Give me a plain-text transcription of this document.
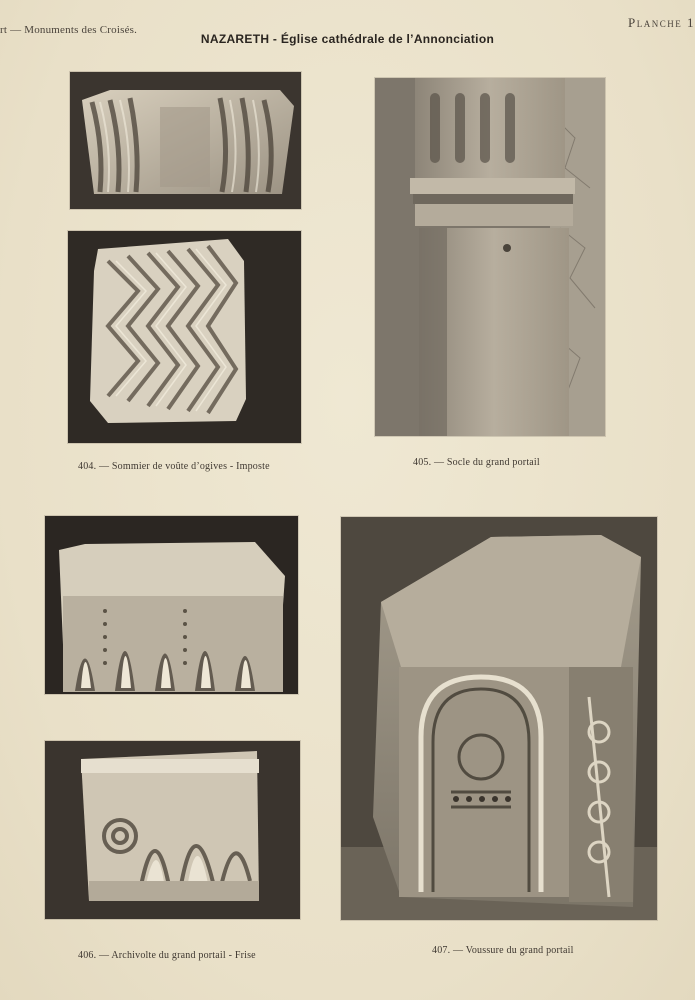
rt — Monuments des Croisés.	Planche 1
NAZARETH - Église cathédrale de l’Annonciation
404. — Sommier de voûte d’ogives - Imposte	405. — Socle du grand portail
406. — Archivolte du grand portail - Frise	407. — Voussure du grand portail
